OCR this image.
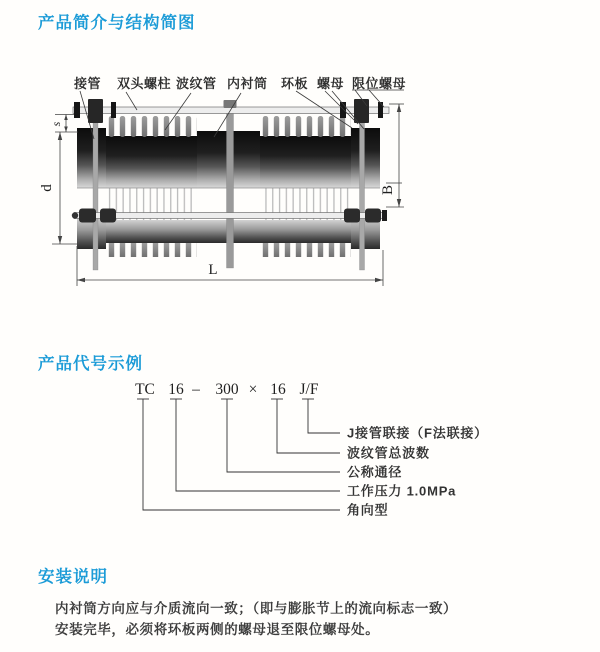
产品简介与结构简图
s
d	B
L
接管 双头螺柱 波纹管 内衬筒 环板 螺母 限位螺母
TC 16 – 300 × 16 J/F
J接管联接（F法联接）
波纹管总波数
公称通径
工作压力 1.0MPa
角向型
产品代号示例
安装说明
内衬筒方向应与介质流向一致；（即与膨胀节上的流向标志一致）
安装完毕，必须将环板两侧的螺母退至限位螺母处。
